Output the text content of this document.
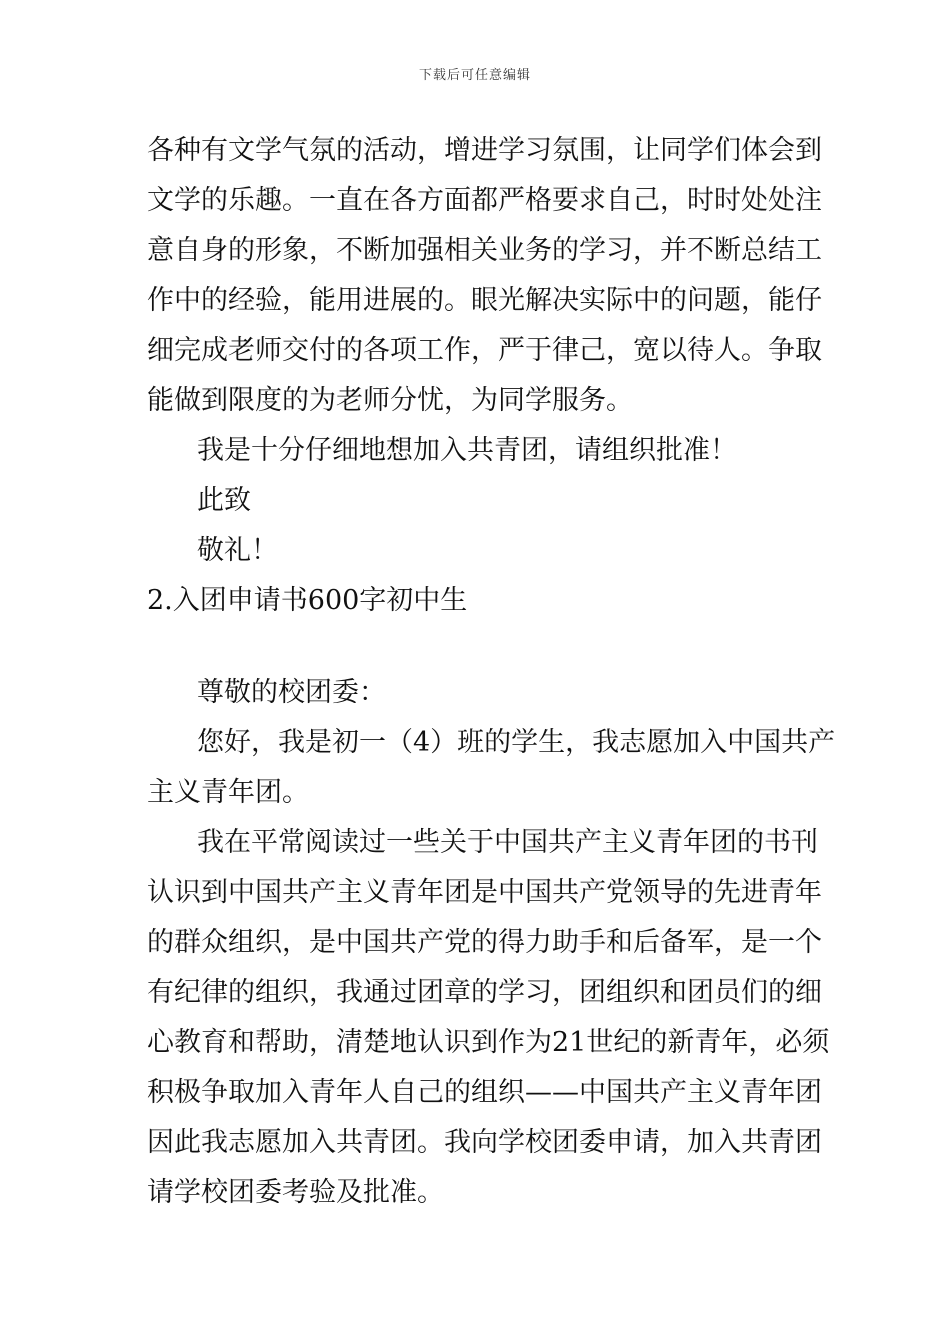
下载后可任意编辑
各种有文学气氛的活动，增进学习氛围，让同学们体会到
文学的乐趣。一直在各方面都严格要求自己，时时处处注
意自身的形象，不断加强相关业务的学习，并不断总结工
作中的经验，能用进展的。眼光解决实际中的问题，能仔
细完成老师交付的各项工作，严于律己，宽以待人。争取
能做到限度的为老师分忧，为同学服务。
我是十分仔细地想加入共青团，请组织批准！
此致
敬礼！
2.入团申请书600字初中生
尊敬的校团委：
您好，我是初一（4）班的学生，我志愿加入中国共产
主义青年团。
我在平常阅读过一些关于中国共产主义青年团的书刊
认识到中国共产主义青年团是中国共产党领导的先进青年
的群众组织，是中国共产党的得力助手和后备军，是一个
有纪律的组织，我通过团章的学习，团组织和团员们的细
心教育和帮助，清楚地认识到作为21世纪的新青年，必须
积极争取加入青年人自己的组织——中国共产主义青年团
因此我志愿加入共青团。我向学校团委申请，加入共青团
请学校团委考验及批准。
